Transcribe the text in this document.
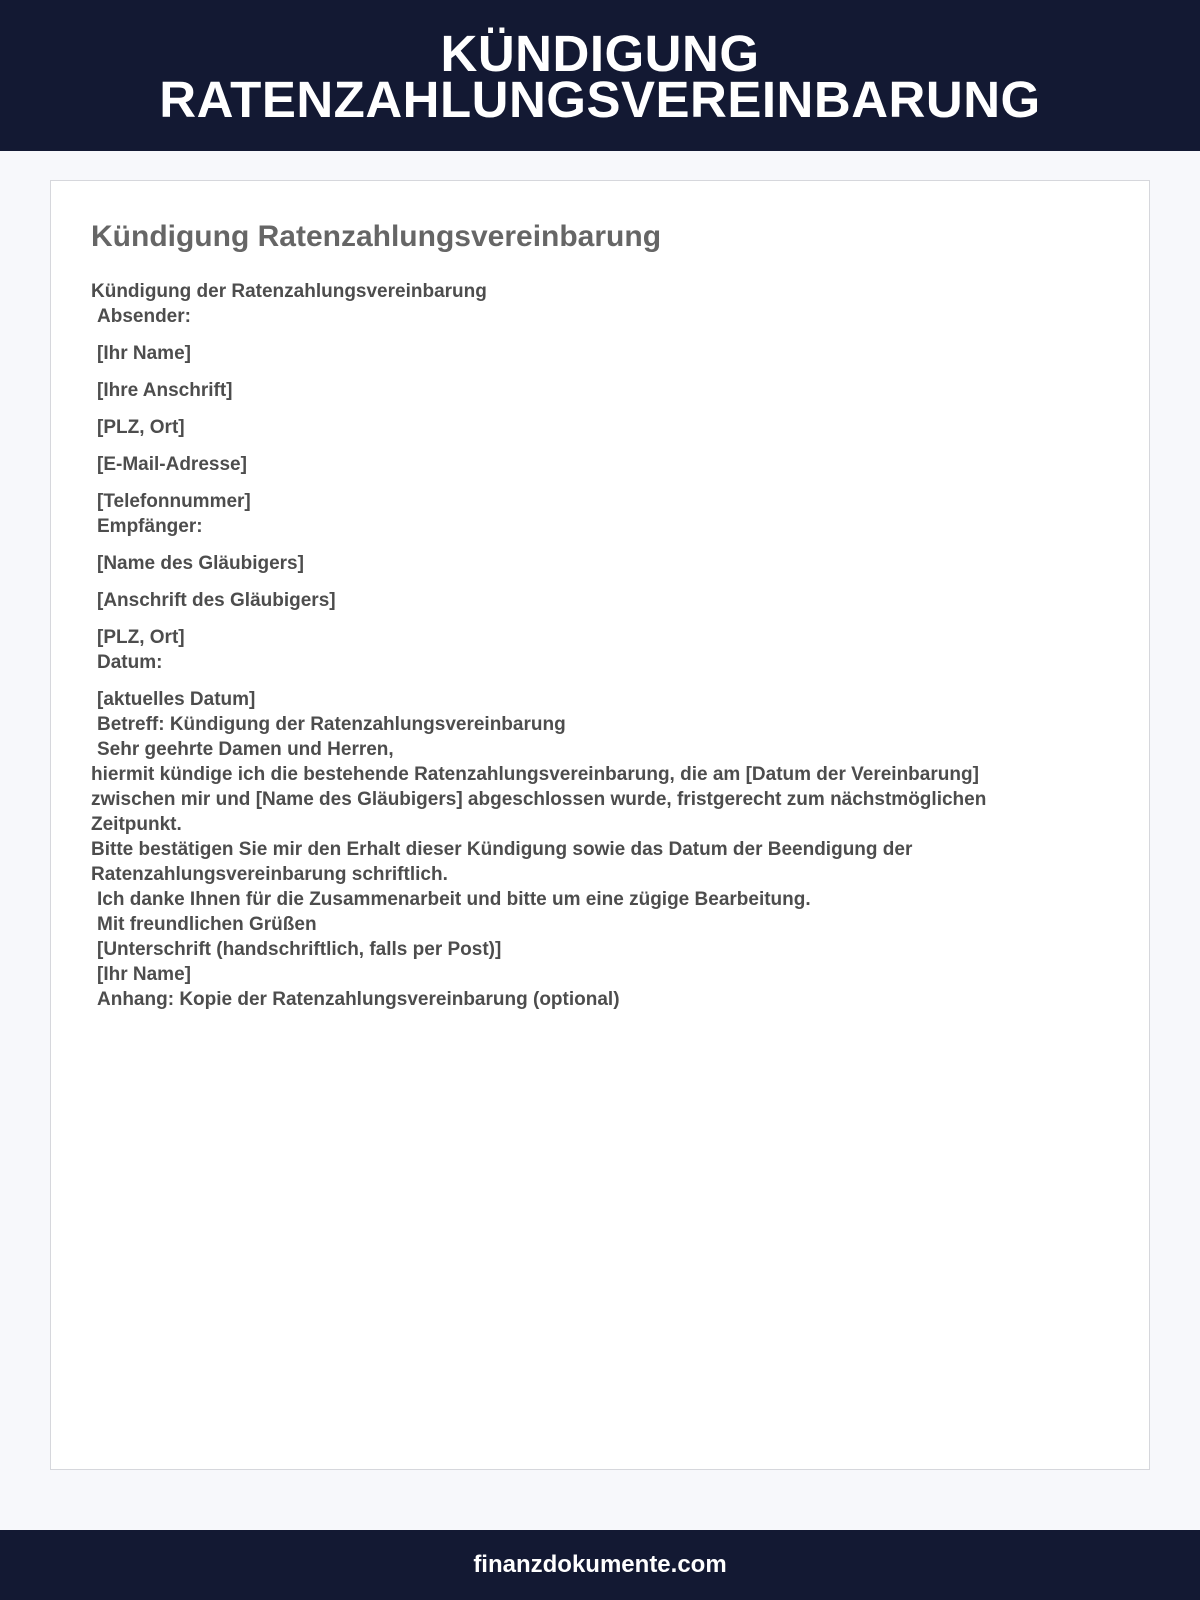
KÜNDIGUNG
RATENZAHLUNGSVEREINBARUNG
Kündigung Ratenzahlungsvereinbarung
Kündigung der Ratenzahlungsvereinbarung
Absender:
[Ihr Name]
[Ihre Anschrift]
[PLZ, Ort]
[E-Mail-Adresse]
[Telefonnummer]
Empfänger:
[Name des Gläubigers]
[Anschrift des Gläubigers]
[PLZ, Ort]
Datum:
[aktuelles Datum]
Betreff: Kündigung der Ratenzahlungsvereinbarung
Sehr geehrte Damen und Herren,
hiermit kündige ich die bestehende Ratenzahlungsvereinbarung, die am [Datum der Vereinbarung]
zwischen mir und [Name des Gläubigers] abgeschlossen wurde, fristgerecht zum nächstmöglichen
Zeitpunkt.
Bitte bestätigen Sie mir den Erhalt dieser Kündigung sowie das Datum der Beendigung der
Ratenzahlungsvereinbarung schriftlich.
Ich danke Ihnen für die Zusammenarbeit und bitte um eine zügige Bearbeitung.
Mit freundlichen Grüßen
[Unterschrift (handschriftlich, falls per Post)]
[Ihr Name]
Anhang: Kopie der Ratenzahlungsvereinbarung (optional)
finanzdokumente.com
